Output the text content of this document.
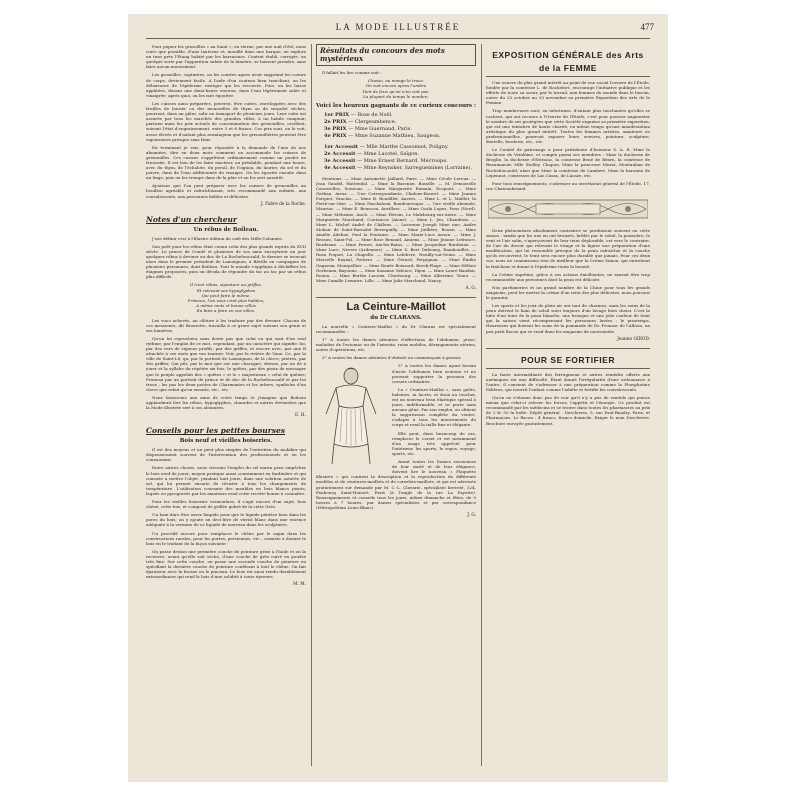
LA MODE ILLUSTRÉE	477

Pour piquer les groseilles « au Saint », en vierne, par une nuit d'été, nous cuire que possible, d'une lanterne et, mouillé dans une barque, en explore un tuns près l'Étang habité par les barracines. Contrat établi, corrigée, en quelque sorte par l'apparition subite de la lumière, se laissent prendre, sans faire aucun mouvement.

Les groseilles, capturées, ou les courtes agues avoir supprimé les coeurs de corps, deviennent facile. A l'aide d'un couteau bien tranchant, on les débarrasse de l'épiderme rustique qui les recouvre. Puis, on les laisse appâtées, durant une demi-heure environ, dans l'eau légèrement salée et vinaigrée; après quoi, on les met égoutter.

Les cuisses ainsi préparées, peuvent, être cuites, enveloppées avec des feuilles de laurier ou des mousselles de thym ou de serpolet séchés, pourront, dans un gâter, salir un transport de plusieurs jours. Leur cuite est assurée par tous les marchés des grandes villes, à un habile comptoir, parisien mais les prix actuels de consommation des grenouilles, oscillent, suivant l'état d'engraissement, entre 3 et 6 francs. Ces prix sont, on le voit, assez élevés et d'autant plus avantageux que les grenouillettes peuvent être vigoureuses presque sans frais.

En terminant je vais, pour répondre à la demande de l'une de nos abonnées, dire en deux mots comment on accommode les cuisses de grenouilles. Ces cuisses s'apprêtent ordinairement comme un poulet en fricassée. Il est bon de les faire macérer, au préalable, pendant une heure, avec du thym, de l'échalote, du persil, de l'oignon, du laurier, du sel et du poivre, dans de l'eau additionnée de vinaigre. On les égoutte ensuite dans un linge, puis on les trempe dans de la pâte et on les sert aussitôt.

Ajoutons que l'on peut préparer avec les cuisses de grenouilles un bouillon agréable et rafraîchissant, très recommandé aux enfants, aux convalescents, aux personnes faibles et délicates.

J. Fabre de la Roche.
Notes d'un chercheur
Un rébus de Boileau.

J'ose définir ceci à l'illustre édition du café des Mille-Colonnes.

Son poêt pour les rébus était connu celui des plus grands esprits du XVII siècle. Le prince de Condé et plusieurs de ses amis envoyèrent un jour quelques rébus à deviner au duc de La Rochefoucauld, le dernier se trouvait alors dans le premier président de Lamoignon, à Bâville en compagnie de plusieurs personnes, dont Boileau. Tout le monde s'appliqua à déchiffrer les énigmes proposées, puis on décida de répondre du tac au tac par un rébus plus difficile.

Il n'est rébus, signature ou griffes,
Et relevant ses hypoglyphes
Qui peut faire le même.
Primeux, l'on vous croit plus habiles;
A même mots et bonne villes
En bien a faire en vos villes.

Les voici achevés, au clôture à les traduire par des deviner. Chacun de ces messieurs, dit Brossette, travailla à ce grave sujet suivant son génie et ses lumières.

Qu'on lui reprochera sans doute pas que celui ou qui sont d'un seul rythme; par l'emploi de ce mot, cependant, par un caractère qui signifie: lui, par des vers de vigueur profils; par des griffes, et encore avec, par une B attachée à ces mots que vas tourner. Voir, par la rivière de Vaux. Ce, par la ville de Saint-Lô; qu, par le portrait de Lamoignon, de la clercs; prières, par des griffes; Qui pût, par le mot que sur une charogne; déesse, par un dé à jouer et la syllabe du répétée six fois; le quêtes, par des pieux de messager que le peuple appelait des « quêtes » et le « majestueux » celui de quênes; Pruneau par un portrait de prince et de duc de la Rochefoucauld et par les trous ; les pas les deux poètes de Charmantes et les arbres, symboles d'un chose que rebut qu'on ensuite, etc., etc.

Nous laisserons aux amis de votre temps et j'imagine que Boileau applaudirait fort les rébus, hypoglyphes, charades et autres devinettes que la Mode illustrée sert à ses abonnées.

E. H.
Conseils pour les petites bourses
Bois neuf et vieilles boiseries.

Il est des moyens et un peut plus simples de l'entretien du mobilier qui dispenseraient souvent de l'intervention des professionnels et en les connaissant.

Entre autres choses, nous citerons l'emploi du sel marin pour empêcher le bois neuf de jouer; moyen pratique aussi couramment en fardinière et qui consiste à mettre l'objet, pendant huit jours, dans une solution saturée de sel, qui lui permet ensuite de résister à tous les changements de température. L'utilisation courante des meubles en bois blancs peints, laqués ou pyrogravés par les amateurs rend cette recette bonne à connaître.

Pour les vieilles boiseries vermoulues, il s'agit encore d'un sujet, bois chéné, cette fois, et composé de grillée gobré de la cette Grés.

Un bain dure être assez limpide pour que le liquide pénètre bien dans les pores du bois; on y ajoute un deci-litre de vitriol blanc dans une essence adéquate à la vermine de ce liquide de nouveau dans les sculptures.

Un procédé encore pour remplacer le chêne par le sapin dans les constructions rurales, pour les portes, persiennes, etc., consiste à donner le bois en le traitant de la façon suivante :

On passe dessus une première couche de peinture grise à l'huile et on la recouvre, avant qu'elle soit sèche, d'une couche de grès cuivé en poudre très fine. Sur cette couche, on passe une seconde couche de peinture en spécifiant la dernière couche de peinture conférant à tout le chêne. On fait épaisseur avec la brosse ou le pinceau. Le bois est ainsi rendu durablement extraordinaire qui rend le bois d'une solidité à toute épreuve.

M. M.
Résultats du concours des mots mystérieux

Il fallait les lire comme suit :

Chasse, au mange la trace.
On voit encore apres l'ombre
Tant de fous qu'on n'en voit pas.
La plupart du temps le nombre.
Voici les heureux gagnants de ce curieux concours :
1er PRIX — Rose de Noël.
2e PRIX — Clergeambence.
3e PRIX — Mme Guernaud, Paris.
4e PRIX — Mme Suzanne Mathieu, Saugeon.
1er Accessit — Mlle Marthe Cassonnet, Poligny.
2e Accessit — Mme Lacotel, Saïgon.
3e Accessit — Mme Ernest Bernard, Mécroupe.
4e Accessit — Mme Reynsker, Sarreguemines (Lorraine).

Mentions. — Mme Antoinette Jaillard, Paris. — Mme Cécile Leroux. — Jean Gaudel, Hattendal. — Mme la Baronne, Bassille. — M. Demoiselle Casserolles, Soissons. — Mme Marguerite Romain, Ecopont. — Mme Gréhan, Arras. — Une Correspondante, Chalons-Bouvet. — Mme Jeanne Porquet, Vauclus. — Mme B. Boudillet, Anvers. — Mme L. et L. Maillet, la Ferté-sur-Oise. — Mme Paschaloux, Boudouresque. — Une vieille abonnée, Mauriac. — Mme E. Beaucon, Anvillers. — Mme Ocala Lopes, Pons (Nord). — Mme Mélusine, Auch. — Mme Héroin, Le Malzbourg-sur-Autre. — Mme Marguerite Marchand, Coutances (Aisne). — Mme L. Jeu, Chandrais. — Mme L. Michel André de Châlons. — Lucienne Joseph Mme une, Andre Mohair de Saint-Barnabé Berreguilly. — Mme Juillière, Rouen. — Mme Amélie Adeline, Peul la Fontaine. — Mme Marie-Luce Anson. — Mme J. Ressou, Saint-Pol. — Mme Rose Renaud, Amiens. — Mme Jeanne Lefrance, Bordeaux. — Mme Pernet, Aix-les-Bains. — Mme Jacqueline Bordeaux. — Mme Luce, Nevers (Ardennes). — Mme S. Bert Dubourg, Rambouillet. — Rosa Poquet, La Chapelle. — Mme Lefebvre, Neuilly-sur-Seine. — Mme Marcelle Raynal, Poitiers. — Mme Gérard, Perpignan. — Mme Émilie Gagneux, Montpellier. — Mme Renée Boissard, Berck-Plage. — Mme Hélène Gerbeaux, Bayonne. — Mme Suzanne Valence, Dijon. — Mme Laure Baudon, Rouen. — Mme Berthe Lacroix, Cherbourg. — Mme Albertine, Tours. — Mme Camille Lemaire, Lille. — Mme Julie Marchand, Nancy.

A. G.
La Ceinture-Maillot
du Dr CLARANS.

La nouvelle « Ceinture-Maillot » du Dr Clarans est spécialement recommandée :

1° A toutes les dames atteintes d'affections de l'abdomen, ptose, maladies de l'estomac ou de l'intestin, reins mobiles, dérangements utérins, suites d'opérations, etc.

2° A toutes les dames atteintes d'obésité ou commençant à grossir.

3° A toutes les dames ayant besoin d'avoir l'abdomen bien soutenu et ne pouvant supporter la pression des corsets ordinaires.

La « Ceinture-Maillot », sans goûts, baleines, ni lacets, et doux au toucher, est un nouveau tissu élastique spécial à jours, indéformable, et se porte sans aucune gêne. Par son emploi, on obtient la suppression complète du ventre, s'adapte à tous les mouvements du corps et rend la taille fine et élégante.

Elle peut, dans beaucoup de cas, remplacer le corset et est notamment d'un usage très apprécié pour l'intérieur, les sports, le repos, voyage, sports, etc.

Avant toutes les Dames soucieuses de leur santé et de leur élégance, doivent lire le nouveau « Plaquette illustrée » qui contient la description et la reproduction de différents modèles et de ceintures-maillots et de corselets-maillots, et qui est adressée gratuitement sur demande par M. C.-L. Clavarie, spécialiste breveté, 324, Faubourg Saint-Honoré, Paris (à l'angle de la rue La Fayette). Renseignements et conseils tous les jours, même dimanche et fêtes, de 9 heures à 7 heures, par dames spécialistes et par correspondance (Métropolitain Louis-Blanc).

J. G.
EXPOSITION GÉNÉRALE des Arts
de la FEMME

Une oeuvre du plus grand intérêt au point de vue social l'oeuvre de l'Étoile, fondée par la comtesse L. de Rochefort, encourage l'initiative publique et les efforts de toute sa soeur, par le travail, aux femmes du monde dans le besoin, ouvre du 25 octobre au 20 novembre sa première Exposition des Arts de la Femme.

Trop nombreuses sont, en infortunes, d'autant plus touchantes qu'elles se cachent, qui ont recours à l'Oeuvre de l'Étoile; c'est pour pouvoir augmenter le nombre de ses protégées que cette Société organise sa première exposition, qui est une tentative de haute charité, en même temps qu'une manifestation artistique du plus grand intérêt. Toutes les femmes artistes, amateurs ou professionnelles, pourront exposer leurs oeuvres, peinture, sculpture, dentelle, broderie, etc., etc.

Le Comité de patronage a pour présidente d'honneur S. A. R. Mme la duchesse de Vendôme, et compte parmi ses membres : Mme la duchesse de Broglie, la duchesse d'Estissac, la comtesse Bené de Béarn, la comtesse de Beaumanoir, Mlle Stolley, Chapon, Mme la princesse Murat, Montauban de Rochefoucauld; ainsi que Mme la comtesse de Lambert, Mme la baronne de Lepennot, comtesses de Las Casas, de Lacaze, etc.

Pour tous renseignements, s'adresser au secrétariat général de l'Étoile, 17, rue Chateaubriand.

Deux phénomènes absolument contraires se produisent souvent en cette saison : tandis que les uns en ont bronzés, brûlés par le soleil, la poussière, le vent et l'air salin, s'aperçoivent de leur teint déplorable, est vers le contraire, de l'air du devoir qui relevant le visage et la figure une préparation d'une modification, qui lui ressemble presque de la peau rafraîchie et la couche qu'ils recouvrent, le teint sera encore plus durable que jamais. Pour ces deux cas, nous ne connaissons rien de meilleur que la Crème Simon, qui entretient la fraîcheur et donne à l'épiderme toute la beauté.

La Crème suprême, grâce à ses actions émollientes, ne saurait être trop recommandée aux personnes dont la peau est délicate.

Nos parfumeries et un grand nombre de la Chine pour tous les grands magasins, peut les mettre la crème d'un teint des plus délicates, nous pouvons le garantir.

Les sports et les jeux de plein air ont tant de charmes, mais les soins de la peau doivent le bain de soleil suivi toujours d'un lavage bien choisi. C'est la hâte d'un teint de la peau blanche, une brusque et une jolie couleur de teint qui la saison vient récompensant les personnes lavées ; le printemps. Heureuses qui doivent les soins de la pommade de Dr. Fronsac de l'Albion, un peu petit flacon qui se vend dans les magasins de nouveautés.

Jeanne GIROD.
POUR SE FORTIFIER

La faute intermédiaire des ferrugineux et autres remèdes offerts aux anémiques est une difficulté. Étant donné l'irrégularité d'une ordonnance à l'autre, il convient de s'adresser à une préparation comme la Phosphatine Falières, qui nourrit l'enfant comme l'adulte et fortifie les convalescents.

Qu'on ne s'étonne donc pas de voir qu'il n'y a pas de remède qui puisse mieux que celui-ci relever les forces, l'appétit et l'énergie. Ce produit est recommandé par les médecins et se trouve dans toutes les pharmacies au prix de 2 fr. 50 la boîte. Dépôt général : Desclerres, 9, rue Paul-Baudry, Paris, et Pharmacies. Le flacon : 4 francs, franco domicile. Exiger le nom Desclerres. Brochure envoyée gratuitement.
